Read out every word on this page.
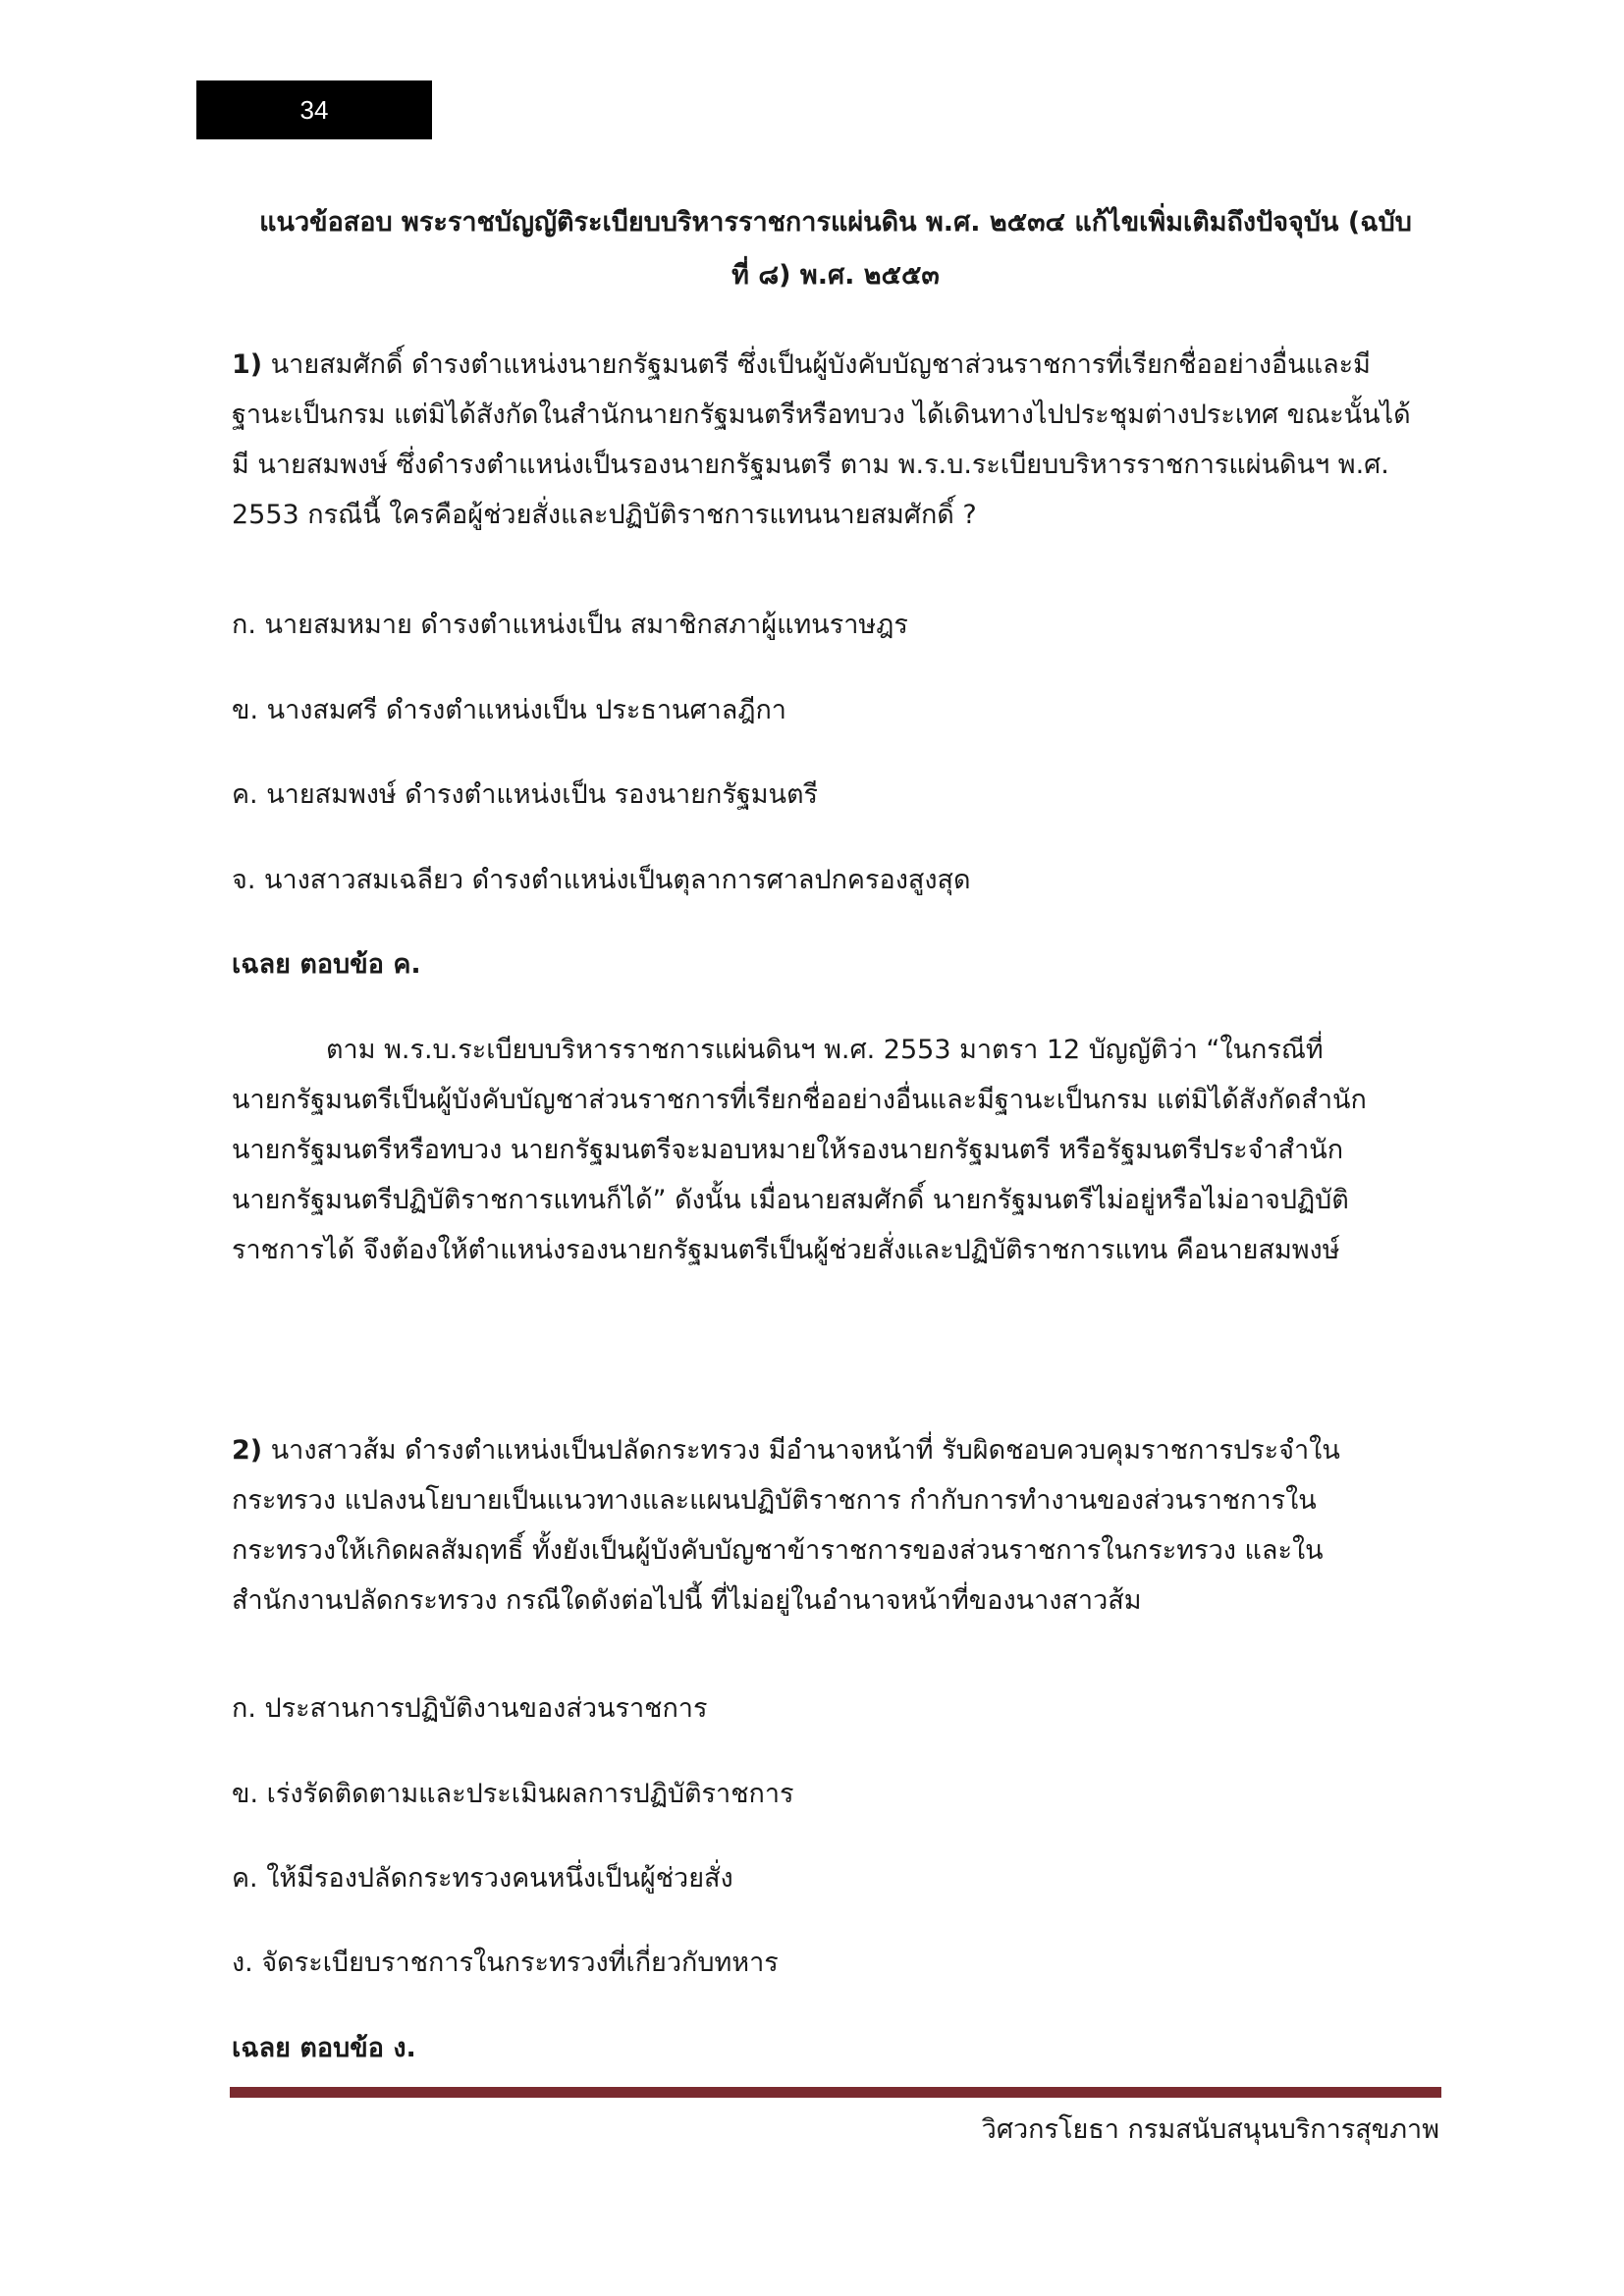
34
แนวข้อสอบ พระราชบัญญัติระเบียบบริหารราชการแผ่นดิน พ.ศ. ๒๕๓๔ แก้ไขเพิ่มเติมถึงปัจจุบัน (ฉบับ
ที่ ๘) พ.ศ. ๒๕๕๓
1) นายสมศักดิ์ ดำรงตำแหน่งนายกรัฐมนตรี ซึ่งเป็นผู้บังคับบัญชาส่วนราชการที่เรียกชื่ออย่างอื่นและมี
ฐานะเป็นกรม แต่มิได้สังกัดในสำนักนายกรัฐมนตรีหรือทบวง ได้เดินทางไปประชุมต่างประเทศ ขณะนั้นได้
มี นายสมพงษ์ ซึ่งดำรงตำแหน่งเป็นรองนายกรัฐมนตรี ตาม พ.ร.บ.ระเบียบบริหารราชการแผ่นดินฯ พ.ศ.
2553 กรณีนี้ ใครคือผู้ช่วยสั่งและปฏิบัติราชการแทนนายสมศักดิ์ ?
ก. นายสมหมาย ดำรงตำแหน่งเป็น สมาชิกสภาผู้แทนราษฎร
ข. นางสมศรี ดำรงตำแหน่งเป็น ประธานศาลฎีกา
ค. นายสมพงษ์ ดำรงตำแหน่งเป็น รองนายกรัฐมนตรี
จ. นางสาวสมเฉลียว ดำรงตำแหน่งเป็นตุลาการศาลปกครองสูงสุด
เฉลย ตอบข้อ ค.
ตาม พ.ร.บ.ระเบียบบริหารราชการแผ่นดินฯ พ.ศ. 2553 มาตรา 12 บัญญัติว่า “ในกรณีที่
นายกรัฐมนตรีเป็นผู้บังคับบัญชาส่วนราชการที่เรียกชื่ออย่างอื่นและมีฐานะเป็นกรม แต่มิได้สังกัดสำนัก
นายกรัฐมนตรีหรือทบวง นายกรัฐมนตรีจะมอบหมายให้รองนายกรัฐมนตรี หรือรัฐมนตรีประจำสำนัก
นายกรัฐมนตรีปฏิบัติราชการแทนก็ได้” ดังนั้น เมื่อนายสมศักดิ์ นายกรัฐมนตรีไม่อยู่หรือไม่อาจปฏิบัติ
ราชการได้ จึงต้องให้ตำแหน่งรองนายกรัฐมนตรีเป็นผู้ช่วยสั่งและปฏิบัติราชการแทน คือนายสมพงษ์
2) นางสาวส้ม ดำรงตำแหน่งเป็นปลัดกระทรวง มีอำนาจหน้าที่ รับผิดชอบควบคุมราชการประจำใน
กระทรวง แปลงนโยบายเป็นแนวทางและแผนปฏิบัติราชการ กำกับการทำงานของส่วนราชการใน
กระทรวงให้เกิดผลสัมฤทธิ์ ทั้งยังเป็นผู้บังคับบัญชาข้าราชการของส่วนราชการในกระทรวง และใน
สำนักงานปลัดกระทรวง กรณีใดดังต่อไปนี้ ที่ไม่อยู่ในอำนาจหน้าที่ของนางสาวส้ม
ก. ประสานการปฏิบัติงานของส่วนราชการ
ข. เร่งรัดติดตามและประเมินผลการปฏิบัติราชการ
ค. ให้มีรองปลัดกระทรวงคนหนึ่งเป็นผู้ช่วยสั่ง
ง. จัดระเบียบราชการในกระทรวงที่เกี่ยวกับทหาร
เฉลย ตอบข้อ ง.
วิศวกรโยธา กรมสนับสนุนบริการสุขภาพ
